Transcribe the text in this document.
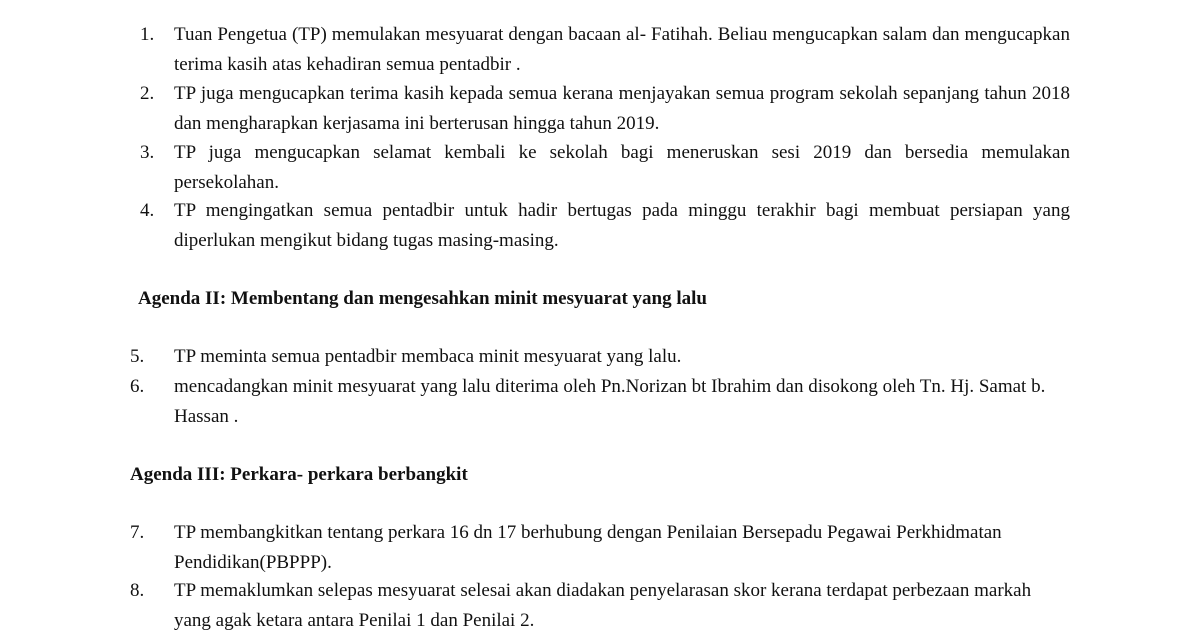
1.	Tuan Pengetua (TP) memulakan mesyuarat dengan bacaan al- Fatihah. Beliau mengucapkan salam dan mengucapkan terima kasih atas kehadiran semua pentadbir .
2.	TP juga mengucapkan terima kasih kepada semua kerana menjayakan semua program sekolah sepanjang tahun 2018 dan mengharapkan kerjasama ini berterusan hingga tahun 2019.
3.	TP juga mengucapkan selamat kembali ke sekolah bagi meneruskan sesi 2019 dan bersedia memulakan persekolahan.
4.	TP mengingatkan semua pentadbir untuk hadir bertugas pada minggu terakhir bagi membuat persiapan yang diperlukan mengikut bidang tugas masing-masing.
Agenda II: Membentang dan mengesahkan minit mesyuarat yang lalu
5.	TP meminta semua pentadbir membaca minit mesyuarat yang lalu.
6.	mencadangkan minit mesyuarat yang lalu diterima oleh Pn.Norizan bt Ibrahim dan disokong oleh Tn. Hj. Samat b. Hassan .
Agenda III: Perkara- perkara berbangkit
7.	TP membangkitkan tentang perkara 16 dn 17 berhubung dengan Penilaian Bersepadu Pegawai Perkhidmatan Pendidikan(PBPPP).
8.	TP memaklumkan selepas mesyuarat selesai akan diadakan penyelarasan skor kerana terdapat perbezaan markah yang agak ketara antara Penilai 1 dan Penilai 2.
